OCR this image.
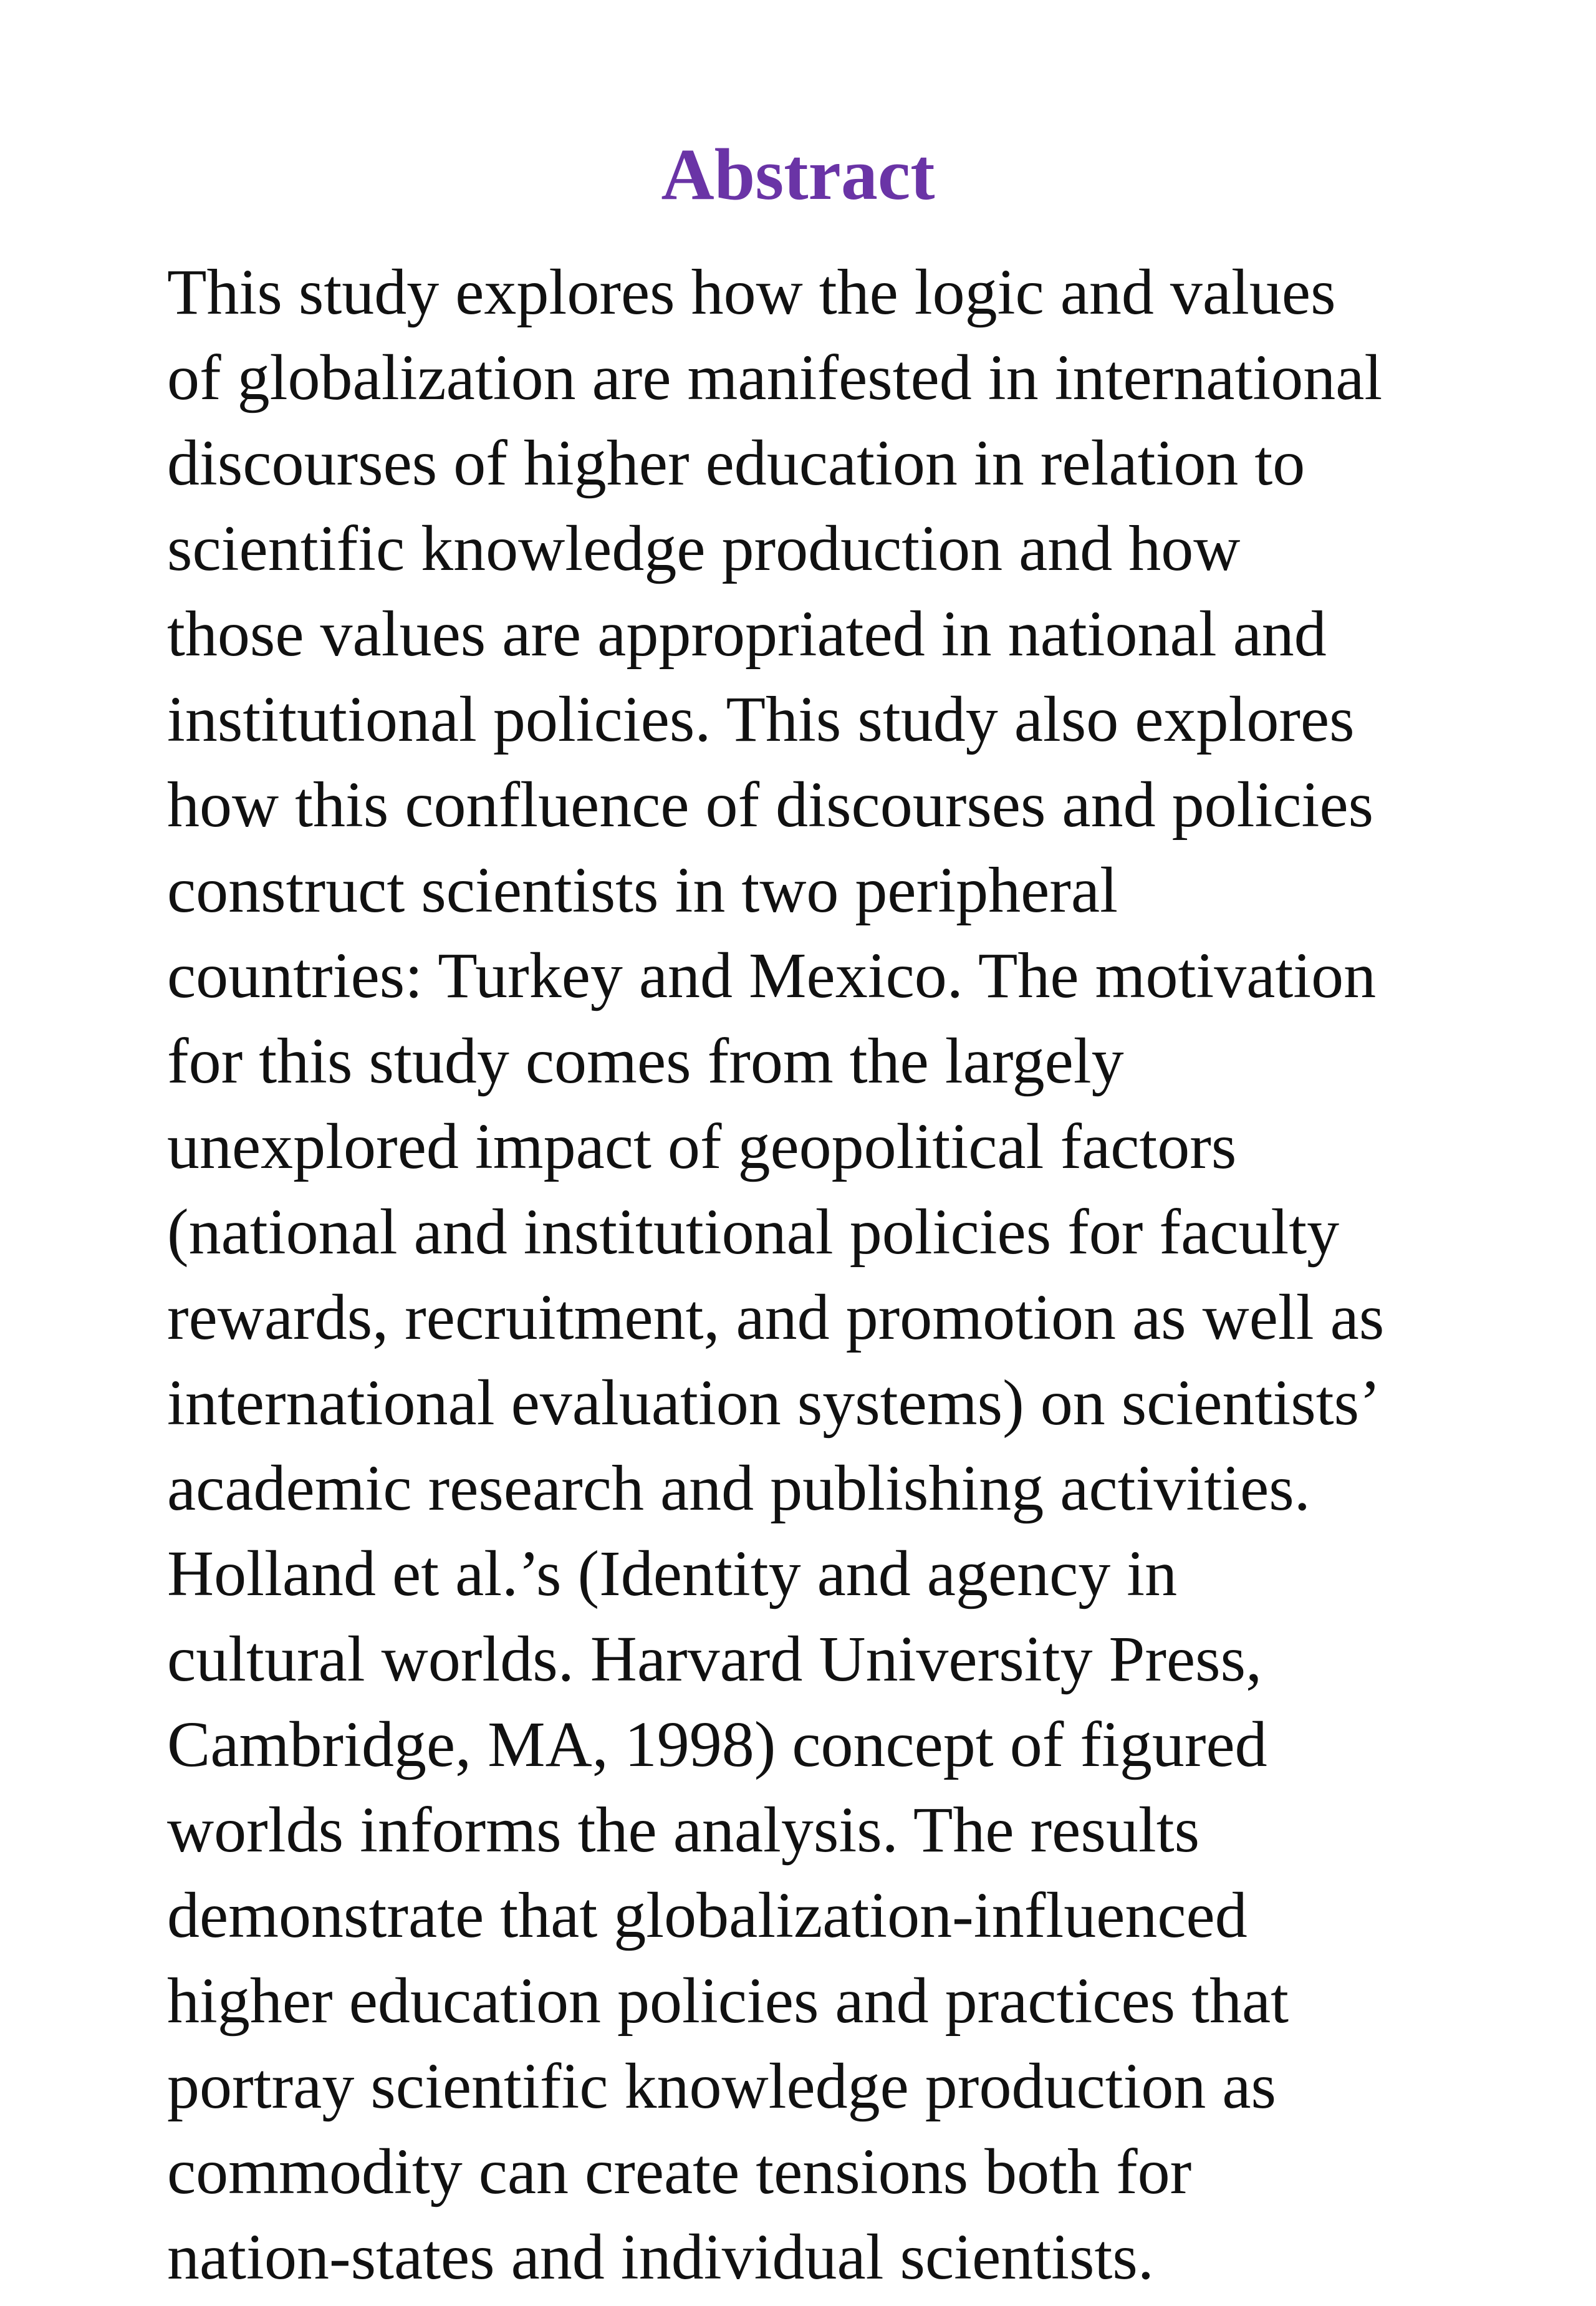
Abstract
This study explores how the logic and values
of globalization are manifested in international
discourses of higher education in relation to
scientific knowledge production and how
those values are appropriated in national and
institutional policies. This study also explores
how this confluence of discourses and policies
construct scientists in two peripheral
countries: Turkey and Mexico. The motivation
for this study comes from the largely
unexplored impact of geopolitical factors
(national and institutional policies for faculty
rewards, recruitment, and promotion as well as
international evaluation systems) on scientists’
academic research and publishing activities.
Holland et al.’s (Identity and agency in
cultural worlds. Harvard University Press,
Cambridge, MA, 1998) concept of figured
worlds informs the analysis. The results
demonstrate that globalization-influenced
higher education policies and practices that
portray scientific knowledge production as
commodity can create tensions both for
nation-states and individual scientists.
